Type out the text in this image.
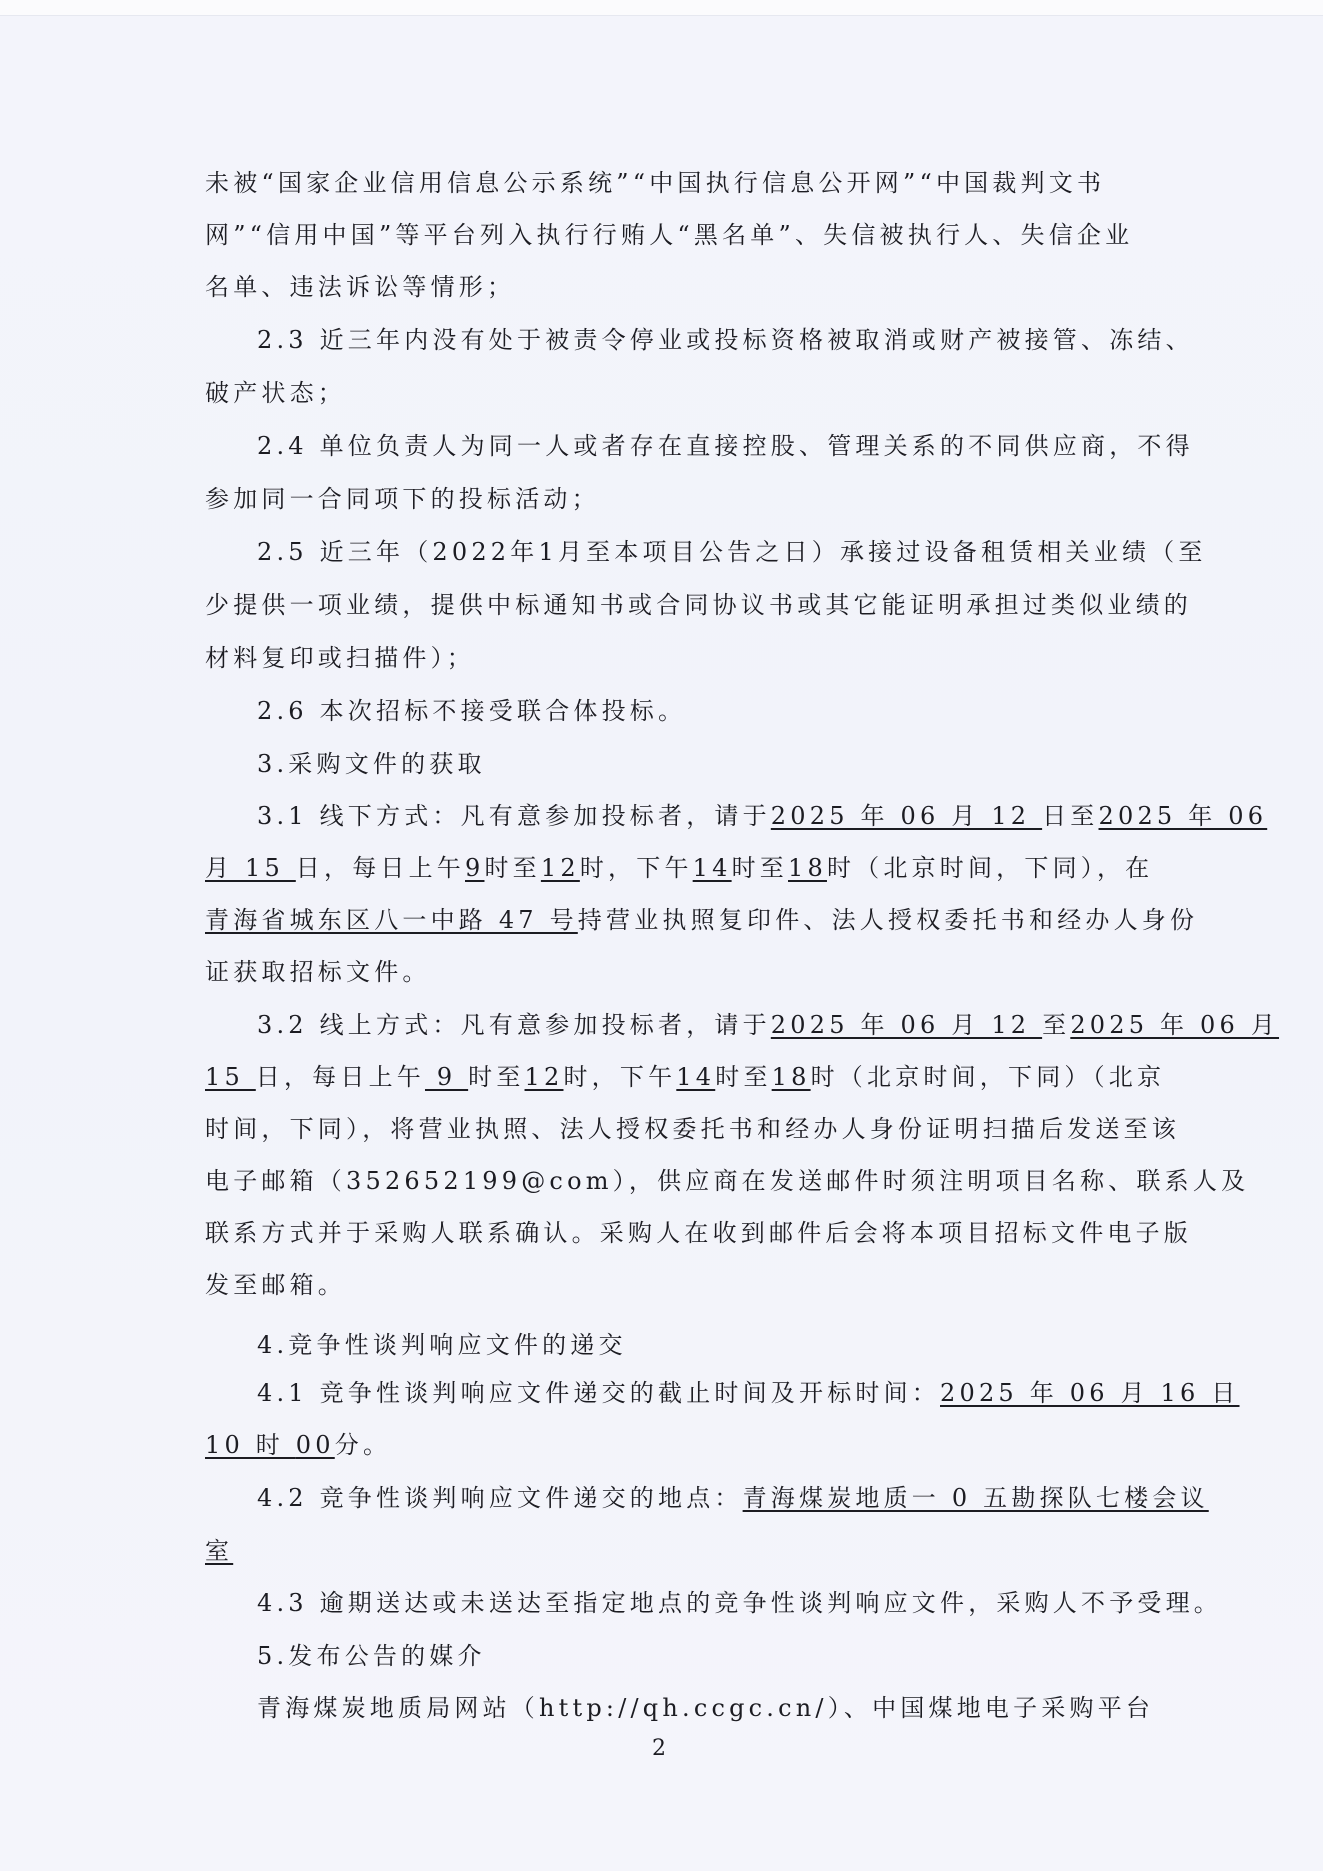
未被“国家企业信用信息公示系统”“中国执行信息公开网”“中国裁判文书
网”“信用中国”等平台列入执行行贿人“黑名单”、失信被执行人、失信企业
名单、违法诉讼等情形；
2.3 近三年内没有处于被责令停业或投标资格被取消或财产被接管、冻结、
破产状态；
2.4 单位负责人为同一人或者存在直接控股、管理关系的不同供应商，不得
参加同一合同项下的投标活动；
2.5 近三年（2022年1月至本项目公告之日）承接过设备租赁相关业绩（至
少提供一项业绩，提供中标通知书或合同协议书或其它能证明承担过类似业绩的
材料复印或扫描件）；
2.6 本次招标不接受联合体投标。
3.采购文件的获取
3.1 线下方式：凡有意参加投标者，请于2025 年 06 月 12 日至2025 年 06
月 15 日，每日上午9时至12时，下午14时至18时（北京时间，下同），在
青海省城东区八一中路 47 号持营业执照复印件、法人授权委托书和经办人身份
证获取招标文件。
3.2 线上方式：凡有意参加投标者，请于2025 年 06 月 12 至2025 年 06 月
15 日，每日上午 9 时至12时，下午14时至18时（北京时间，下同）（北京
时间，下同），将营业执照、法人授权委托书和经办人身份证明扫描后发送至该
电子邮箱（352652199@com），供应商在发送邮件时须注明项目名称、联系人及
联系方式并于采购人联系确认。采购人在收到邮件后会将本项目招标文件电子版
发至邮箱。
4.竞争性谈判响应文件的递交
4.1 竞争性谈判响应文件递交的截止时间及开标时间：2025 年 06 月 16 日
10 时 00分。
4.2 竞争性谈判响应文件递交的地点：青海煤炭地质一 0 五勘探队七楼会议
室
4.3 逾期送达或未送达至指定地点的竞争性谈判响应文件，采购人不予受理。
5.发布公告的媒介
青海煤炭地质局网站（http://qh.ccgc.cn/）、中国煤地电子采购平台
2
